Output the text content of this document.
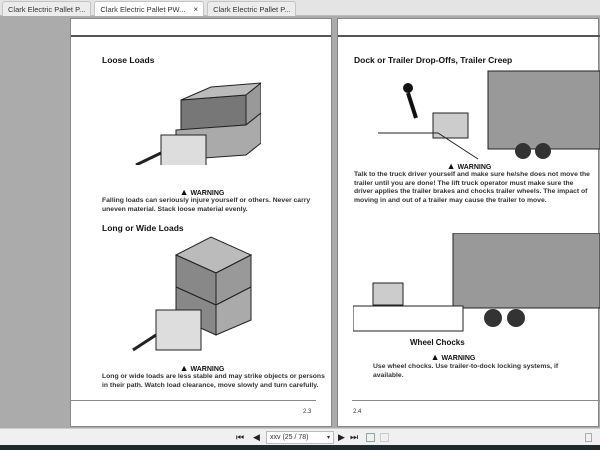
Clark Electric Pallet P... Clark Electric Pallet PW... × Clark Electric Pallet P...
Loose Loads
▲ WARNING
Falling loads can seriously injure yourself or others. Never carry uneven material. Stack loose material evenly.
Long or Wide Loads
▲ WARNING
Long or wide loads are less stable and may strike objects or persons in their path. Watch load clearance, move slowly and turn carefully.
2.3
Dock or Trailer Drop-Offs, Trailer Creep
▲ WARNING
Talk to the truck driver yourself and make sure he/she does not move the trailer until you are done! The lift truck operator must make sure the driver applies the trailer brakes and chocks trailer wheels. The impact of moving in and out of a trailer may cause the trailer to move.
Wheel Chocks
▲ WARNING
Use wheel chocks. Use trailer-to-dock locking systems, if available.
2.4
⏮ ◀	xxv (25 / 78)	▾ ▶ ⏭
